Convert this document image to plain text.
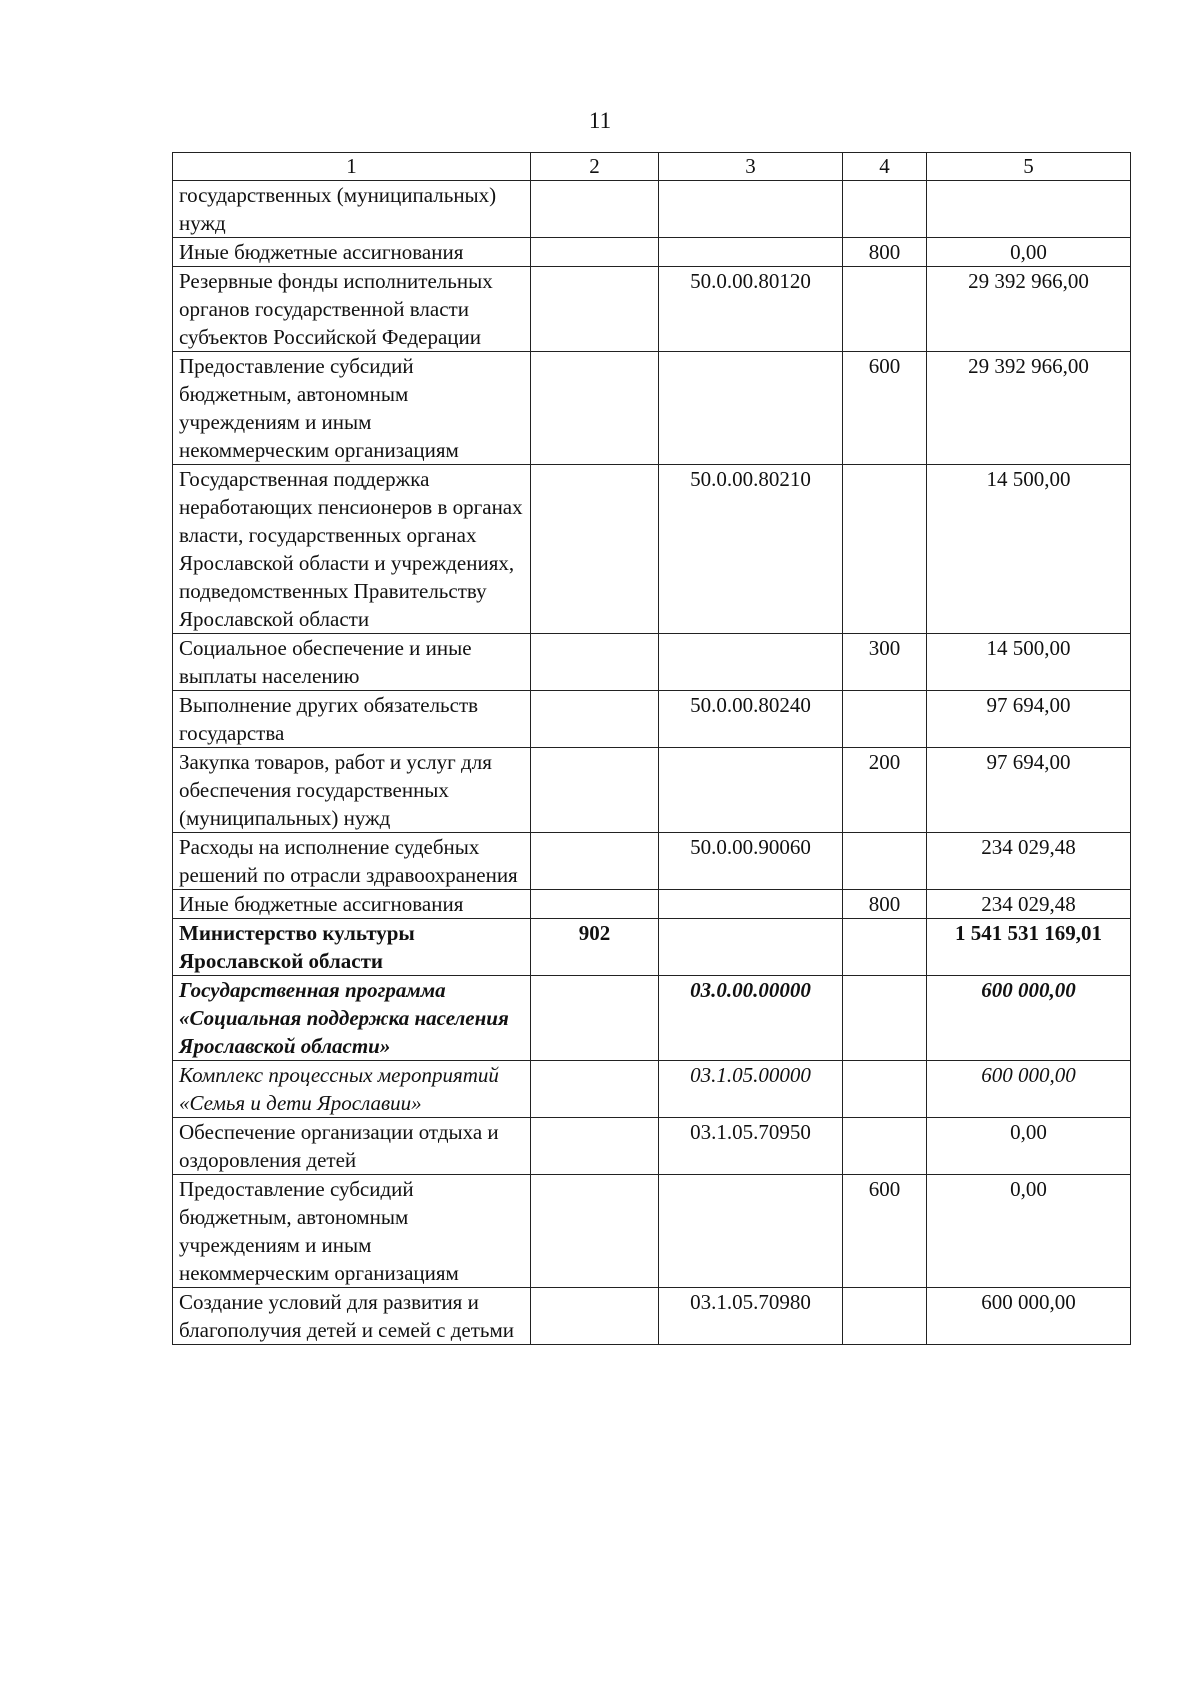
11
1	2	3	4	5
государственных (муниципальных) нужд				
Иные бюджетные ассигнования			800	0,00
Резервные фонды исполнительных органов государственной власти субъектов Российской Федерации		50.0.00.80120		29 392 966,00
Предоставление субсидий бюджетным, автономным учреждениям и иным некоммерческим организациям			600	29 392 966,00
Государственная поддержка неработающих пенсионеров в органах власти, государственных органах Ярославской области и учреждениях, подведомственных Правительству Ярославской области		50.0.00.80210		14 500,00
Социальное обеспечение и иные выплаты населению			300	14 500,00
Выполнение других обязательств государства		50.0.00.80240		97 694,00
Закупка товаров, работ и услуг для обеспечения государственных (муниципальных) нужд			200	97 694,00
Расходы на исполнение судебных решений по отрасли здравоохранения		50.0.00.90060		234 029,48
Иные бюджетные ассигнования			800	234 029,48
Министерство культуры Ярославской области	902			1 541 531 169,01
Государственная программа «Социальная поддержка населения Ярославской области»		03.0.00.00000		600 000,00
Комплекс процессных мероприятий «Семья и дети Ярославии»		03.1.05.00000		600 000,00
Обеспечение организации отдыха и оздоровления детей		03.1.05.70950		0,00
Предоставление субсидий бюджетным, автономным учреждениям и иным некоммерческим организациям			600	0,00
Создание условий для развития и благополучия детей и семей с детьми		03.1.05.70980		600 000,00
